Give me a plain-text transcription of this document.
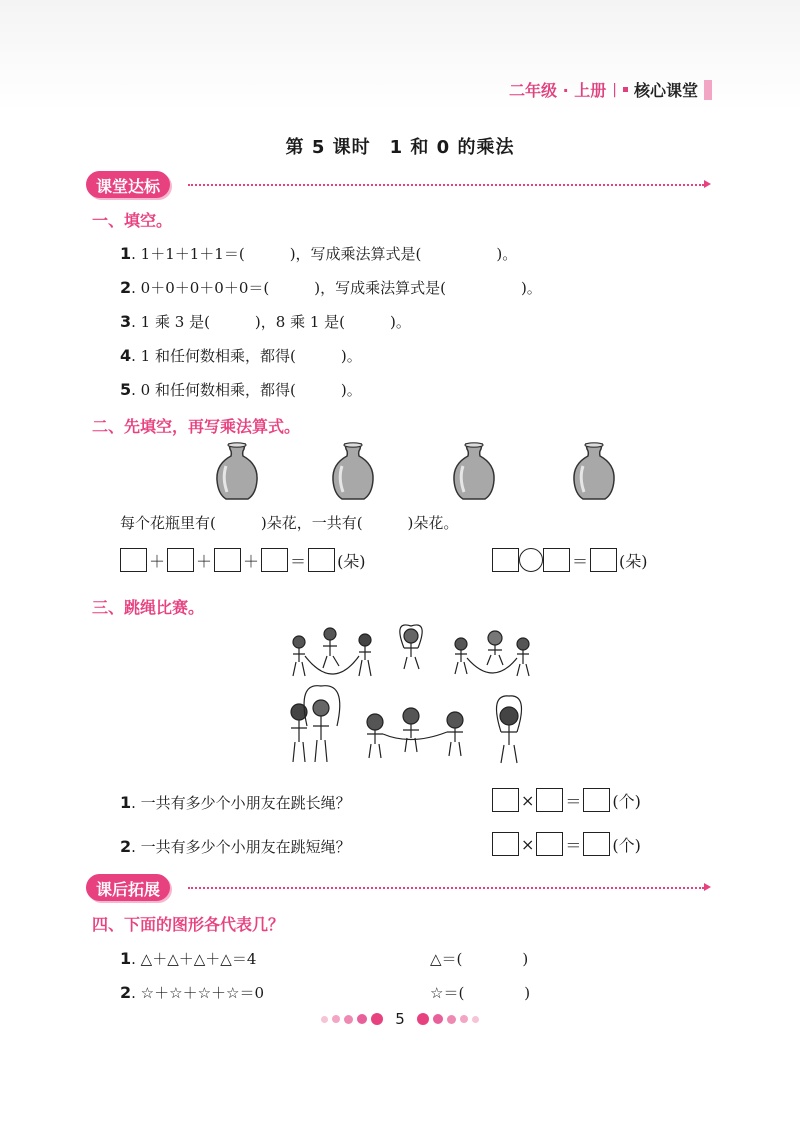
二年级 · 上册 | 核心课堂
第 5 课时　1 和 0 的乘法
课堂达标
一、填空。
1. 1＋1＋1＋1＝(　　　)，写成乘法算式是(　　　　　)。
2. 0＋0＋0＋0＋0＝(　　　)，写成乘法算式是(　　　　　)。
3. 1 乘 3 是(　　　)，8 乘 1 是(　　　)。
4. 1 和任何数相乘，都得(　　　)。
5. 0 和任何数相乘，都得(　　　)。
二、先填空，再写乘法算式。
每个花瓶里有(　　　)朵花，一共有(　　　)朵花。
＋ ＋ ＋ ＝ (朵)	＝ (朵)
三、跳绳比赛。
1. 一共有多少个小朋友在跳长绳？	× ＝ (个)
2. 一共有多少个小朋友在跳短绳？	× ＝ (个)
课后拓展
四、下面的图形各代表几？
1. △＋△＋△＋△＝4	△＝(　　　　)
2. ☆＋☆＋☆＋☆＝0	☆＝(　　　　)
5
